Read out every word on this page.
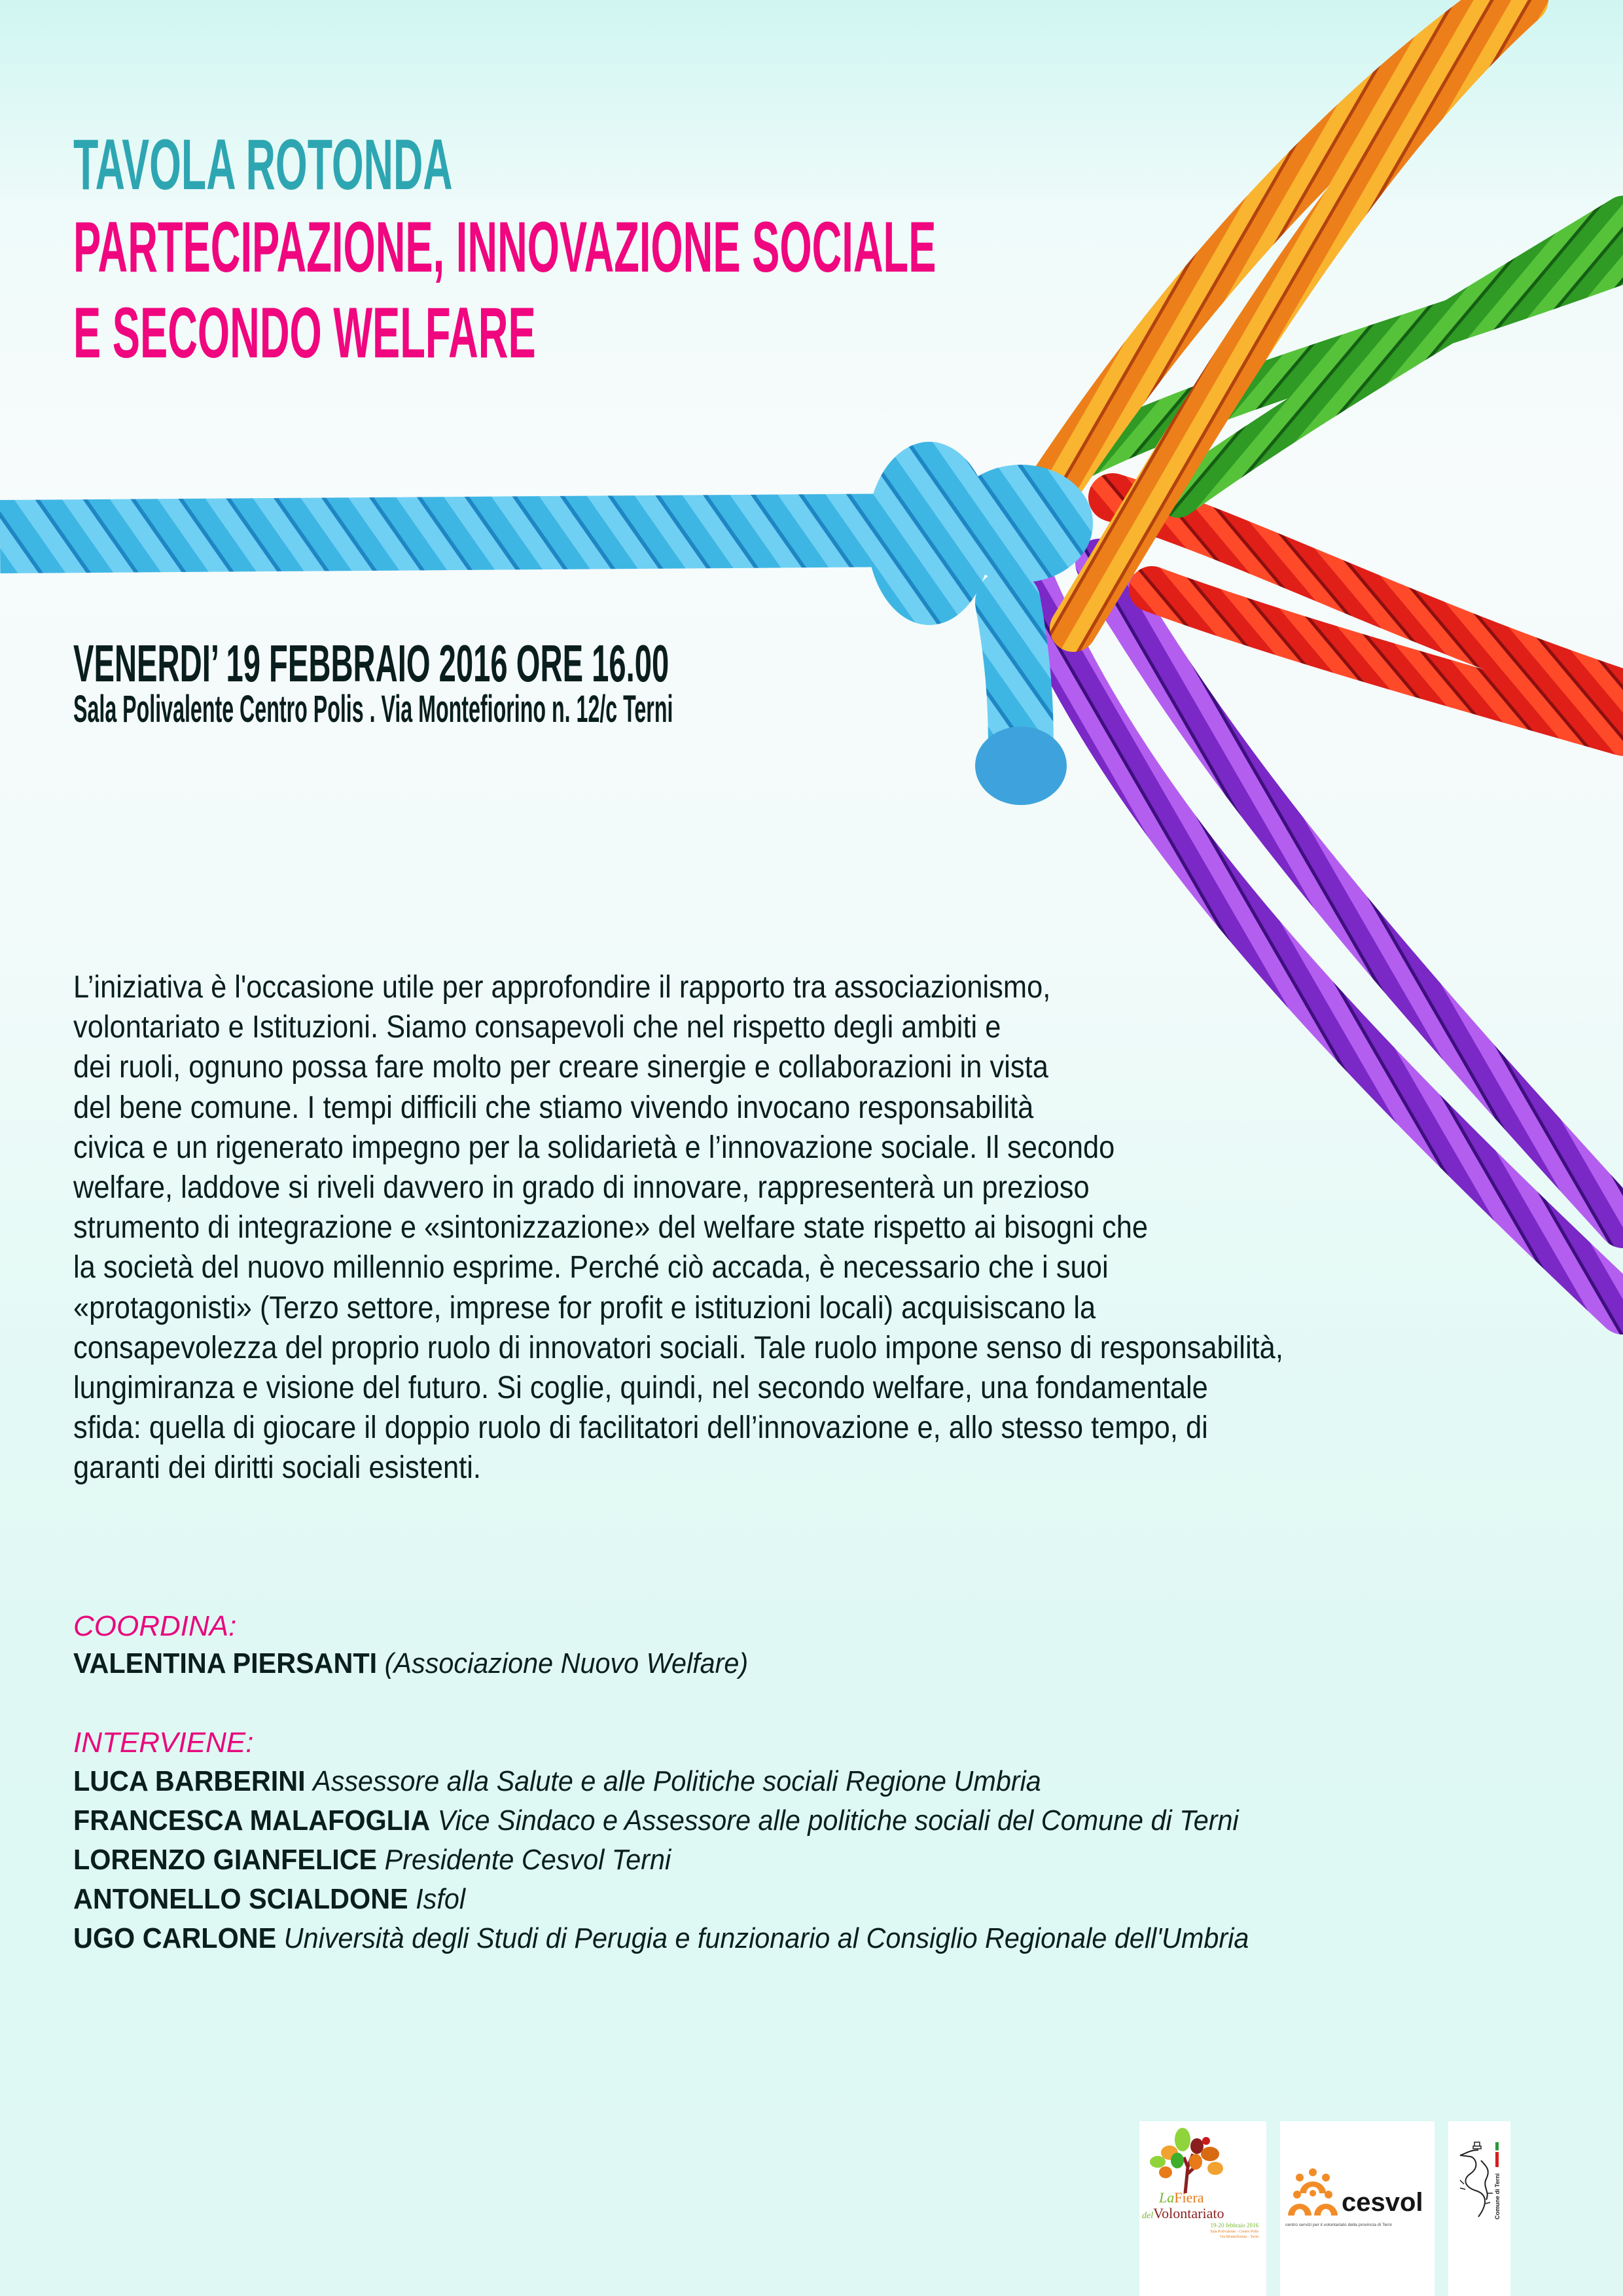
TAVOLA ROTONDA
PARTECIPAZIONE, INNOVAZIONE SOCIALE
E SECONDO WELFARE
VENERDI’ 19 FEBBRAIO 2016 ORE 16.00
Sala Polivalente Centro Polis . Via Montefiorino n. 12/c Terni
L’iniziativa è l'occasione utile per approfondire il rapporto tra associazionismo,
volontariato e Istituzioni. Siamo consapevoli che nel rispetto degli ambiti e
dei ruoli, ognuno possa fare molto per creare sinergie e collaborazioni in vista
del bene comune. I tempi difficili che stiamo vivendo invocano responsabilità
civica e un rigenerato impegno per la solidarietà e l’innovazione sociale. Il secondo
welfare, laddove si riveli davvero in grado di innovare, rappresenterà un prezioso
strumento di integrazione e «sintonizzazione» del welfare state rispetto ai bisogni che
la società del nuovo millennio esprime. Perché ciò accada, è necessario che i suoi
«protagonisti» (Terzo settore, imprese for profit e istituzioni locali) acquisiscano la
consapevolezza del proprio ruolo di innovatori sociali. Tale ruolo impone senso di responsabilità,
lungimiranza e visione del futuro. Si coglie, quindi, nel secondo welfare, una fondamentale
sfida: quella di giocare il doppio ruolo di facilitatori dell’innovazione e, allo stesso tempo, di
garanti dei diritti sociali esistenti.
COORDINA:
VALENTINA PIERSANTI (Associazione Nuovo Welfare)
INTERVIENE:
LUCA BARBERINI Assessore alla Salute e alle Politiche sociali Regione Umbria
FRANCESCA MALAFOGLIA Vice Sindaco e Assessore alle politiche sociali del Comune di Terni
LORENZO GIANFELICE Presidente Cesvol Terni
ANTONELLO SCIALDONE Isfol
UGO CARLONE Università degli Studi di Perugia e funzionario al Consiglio Regionale dell'Umbria
LaFiera
delVolontariato
19-20 febbraio 2016
Sala Polivalente - Centro Polis
Via Montefiorino - Terni
cesvol
centro servizi per il volontariato della provincia di Terni
Comune di Terni
